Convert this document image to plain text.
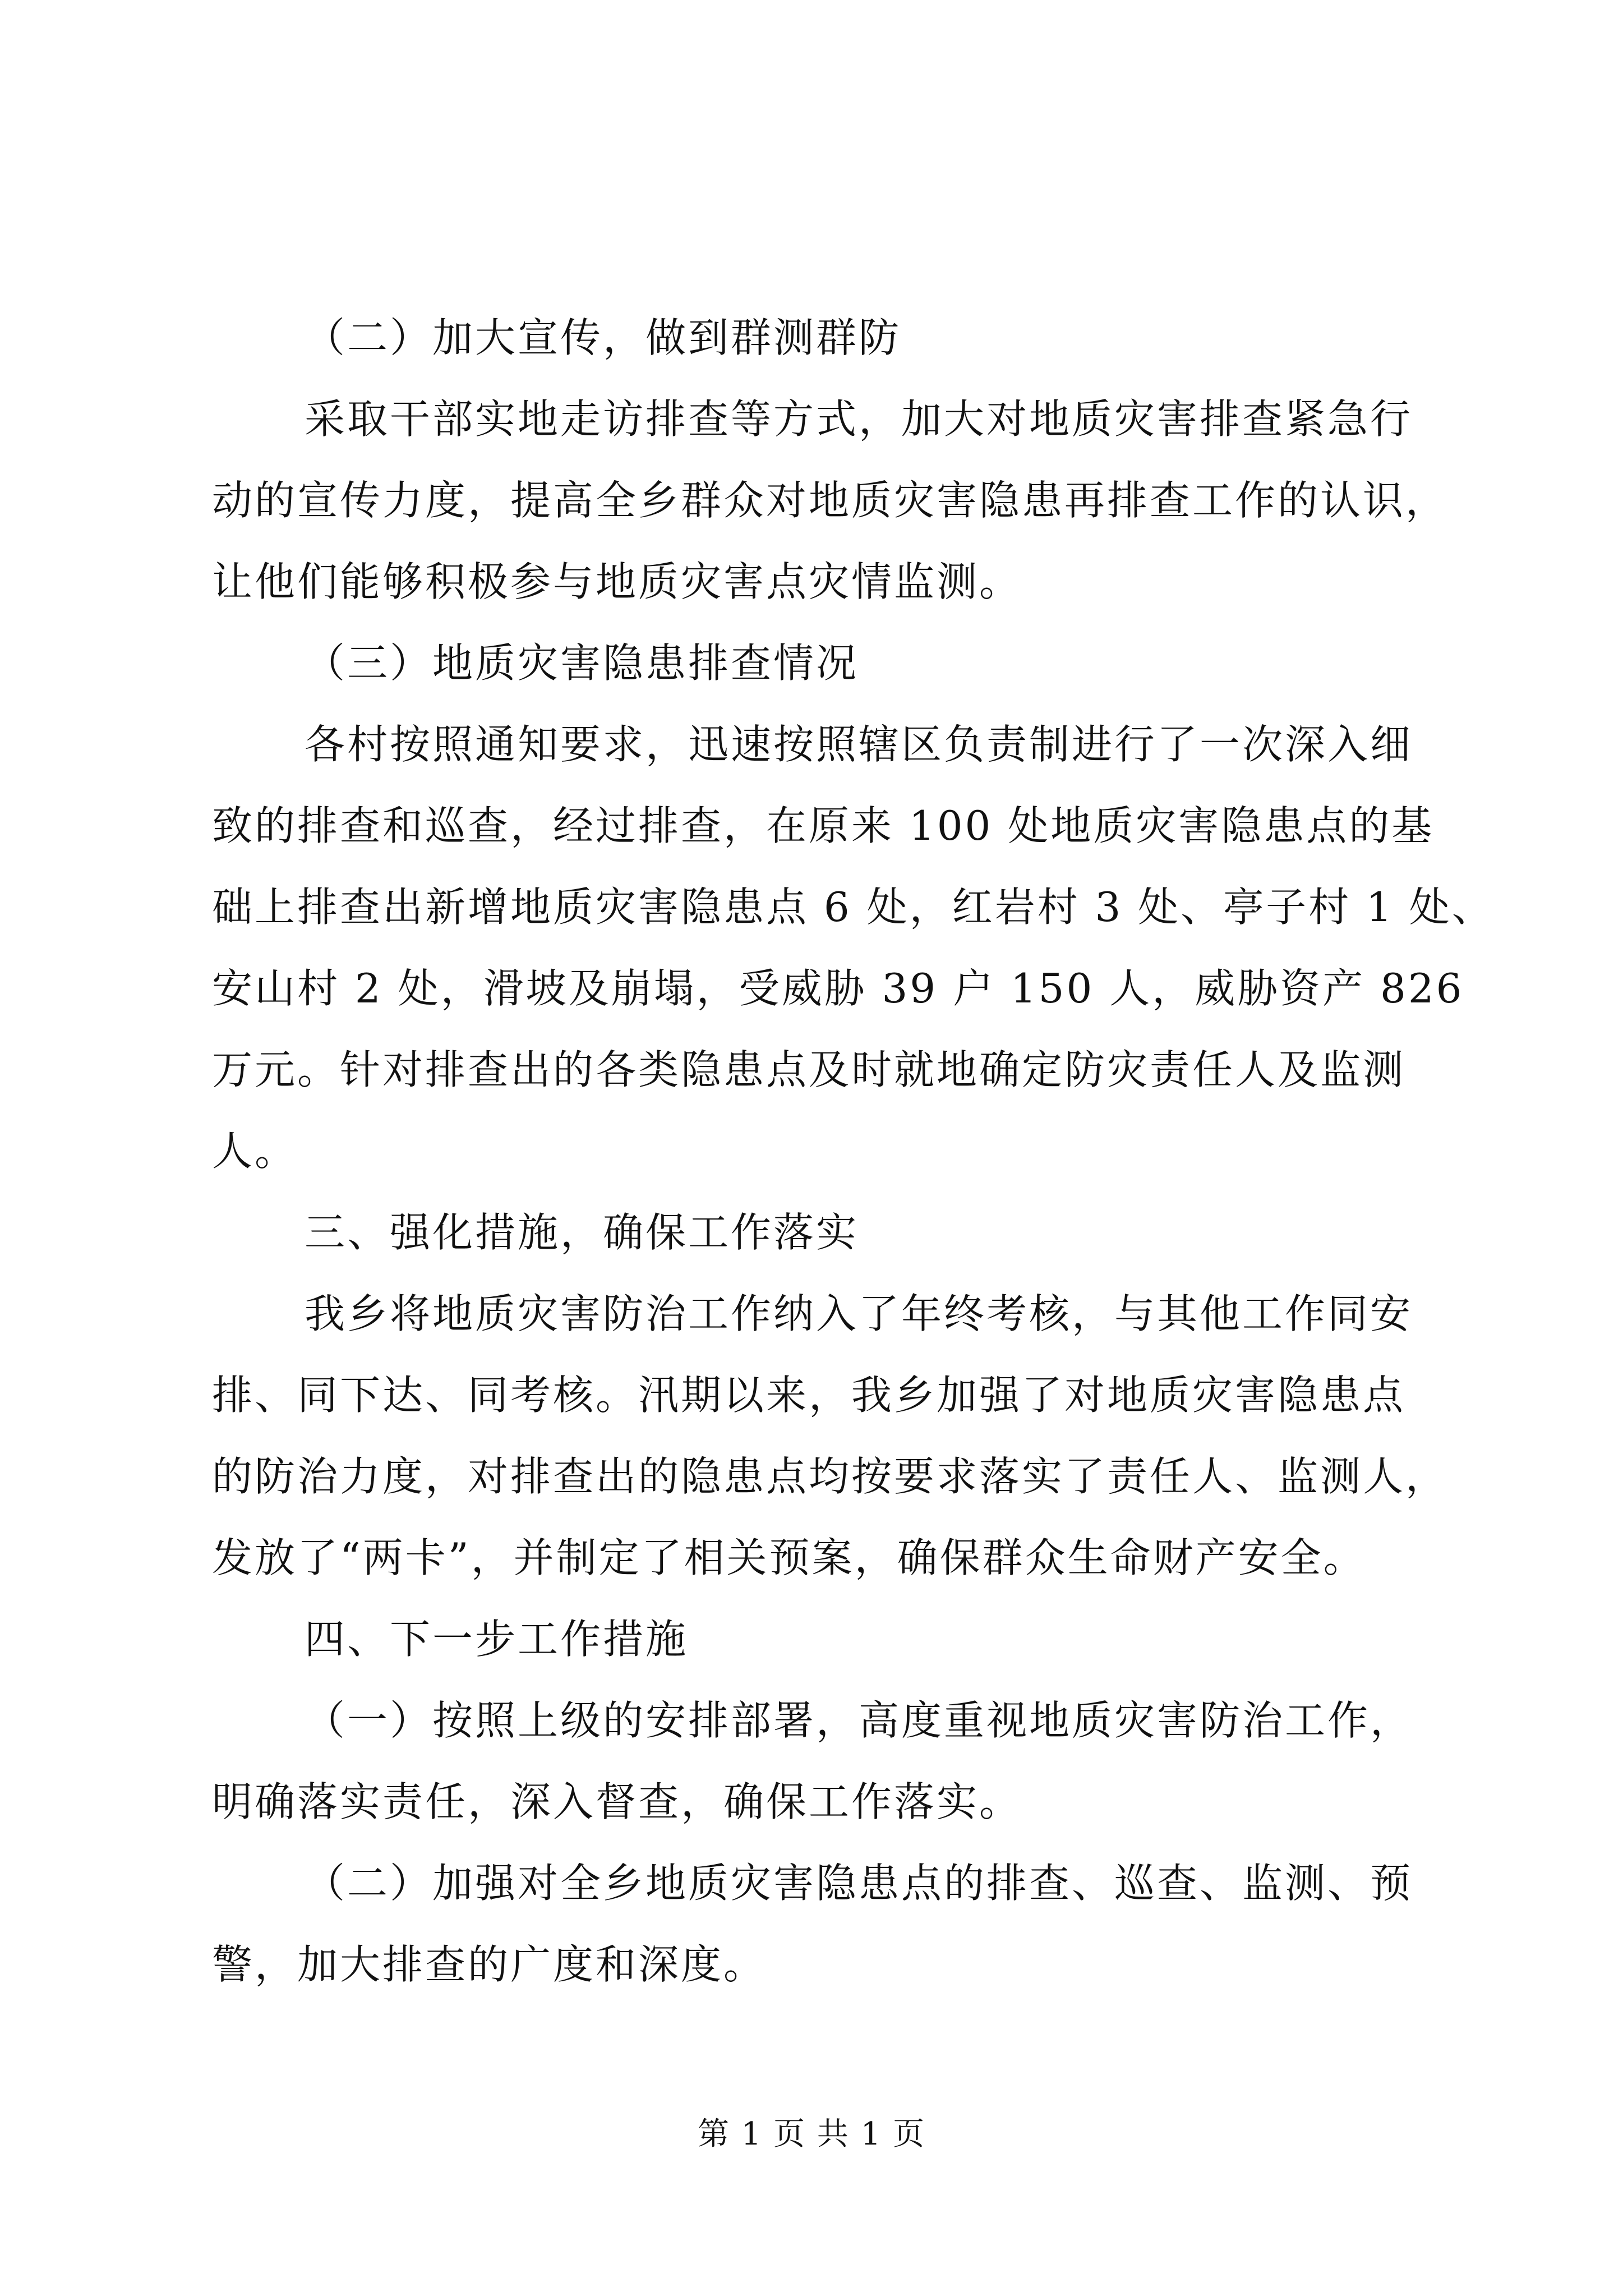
（二）加大宣传，做到群测群防
采取干部实地走访排查等方式，加大对地质灾害排查紧急行
动的宣传力度，提高全乡群众对地质灾害隐患再排查工作的认识，
让他们能够积极参与地质灾害点灾情监测。
（三）地质灾害隐患排查情况
各村按照通知要求，迅速按照辖区负责制进行了一次深入细
致的排查和巡查，经过排查，在原来 100 处地质灾害隐患点的基
础上排查出新增地质灾害隐患点 6 处，红岩村 3 处、亭子村 1 处、
安山村 2 处，滑坡及崩塌，受威胁 39 户 150 人，威胁资产 826
万元。针对排查出的各类隐患点及时就地确定防灾责任人及监测
人。
三、强化措施，确保工作落实
我乡将地质灾害防治工作纳入了年终考核，与其他工作同安
排、同下达、同考核。汛期以来，我乡加强了对地质灾害隐患点
的防治力度，对排查出的隐患点均按要求落实了责任人、监测人，
发放了“两卡”，并制定了相关预案，确保群众生命财产安全。
四、下一步工作措施
（一）按照上级的安排部署，高度重视地质灾害防治工作，
明确落实责任，深入督查，确保工作落实。
（二）加强对全乡地质灾害隐患点的排查、巡查、监测、预
警，加大排查的广度和深度。
第 1 页 共 1 页
